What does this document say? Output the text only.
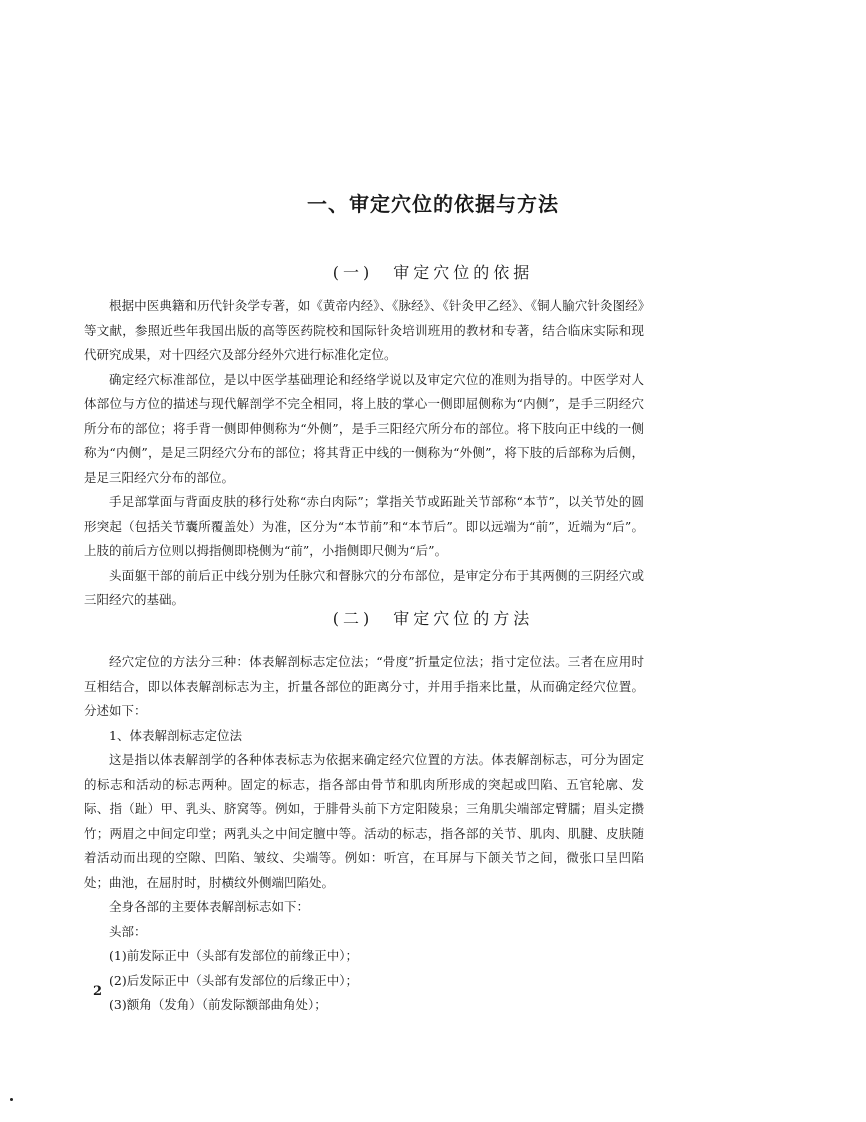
一、审定穴位的依据与方法
(一)　审定穴位的依据

根据中医典籍和历代针灸学专著，如《黄帝内经》、《脉经》、《针灸甲乙经》、《铜人腧穴针灸图经》等文献，参照近些年我国出版的高等医药院校和国际针灸培训班用的教材和专著，结合临床实际和现代研究成果，对十四经穴及部分经外穴进行标准化定位。

确定经穴标准部位，是以中医学基础理论和经络学说以及审定穴位的准则为指导的。中医学对人体部位与方位的描述与现代解剖学不完全相同，将上肢的掌心一侧即屈侧称为“内侧”，是手三阴经穴所分布的部位；将手背一侧即伸侧称为“外侧”，是手三阳经穴所分布的部位。将下肢向正中线的一侧称为“内侧”，是足三阴经穴分布的部位；将其背正中线的一侧称为“外侧”，将下肢的后部称为后侧，是足三阳经穴分布的部位。

手足部掌面与背面皮肤的移行处称“赤白肉际”；掌指关节或跖趾关节部称“本节”，以关节处的圆形突起（包括关节囊所覆盖处）为准，区分为“本节前”和“本节后”。即以远端为“前”，近端为“后”。上肢的前后方位则以拇指侧即桡侧为“前”，小指侧即尺侧为“后”。

头面躯干部的前后正中线分别为任脉穴和督脉穴的分布部位，是审定分布于其两侧的三阴经穴或三阳经穴的基础。

(二)　审定穴位的方法

经穴定位的方法分三种：体表解剖标志定位法；“骨度”折量定位法；指寸定位法。三者在应用时互相结合，即以体表解剖标志为主，折量各部位的距离分寸，并用手指来比量，从而确定经穴位置。分述如下：

1、体表解剖标志定位法

这是指以体表解剖学的各种体表标志为依据来确定经穴位置的方法。体表解剖标志，可分为固定的标志和活动的标志两种。固定的标志，指各部由骨节和肌肉所形成的突起或凹陷、五官轮廓、发际、指（趾）甲、乳头、脐窝等。例如，于腓骨头前下方定阳陵泉；三角肌尖端部定臂臑；眉头定攒竹；两眉之中间定印堂；两乳头之中间定膻中等。活动的标志，指各部的关节、肌肉、肌腱、皮肤随着活动而出现的空隙、凹陷、皱纹、尖端等。例如：听宫，在耳屏与下颌关节之间，微张口呈凹陷处；曲池，在屈肘时，肘横纹外侧端凹陷处。

全身各部的主要体表解剖标志如下：

头部：

(1)前发际正中（头部有发部位的前缘正中）；

(2)后发际正中（头部有发部位的后缘正中）；

(3)额角（发角）（前发际额部曲角处）；

2
